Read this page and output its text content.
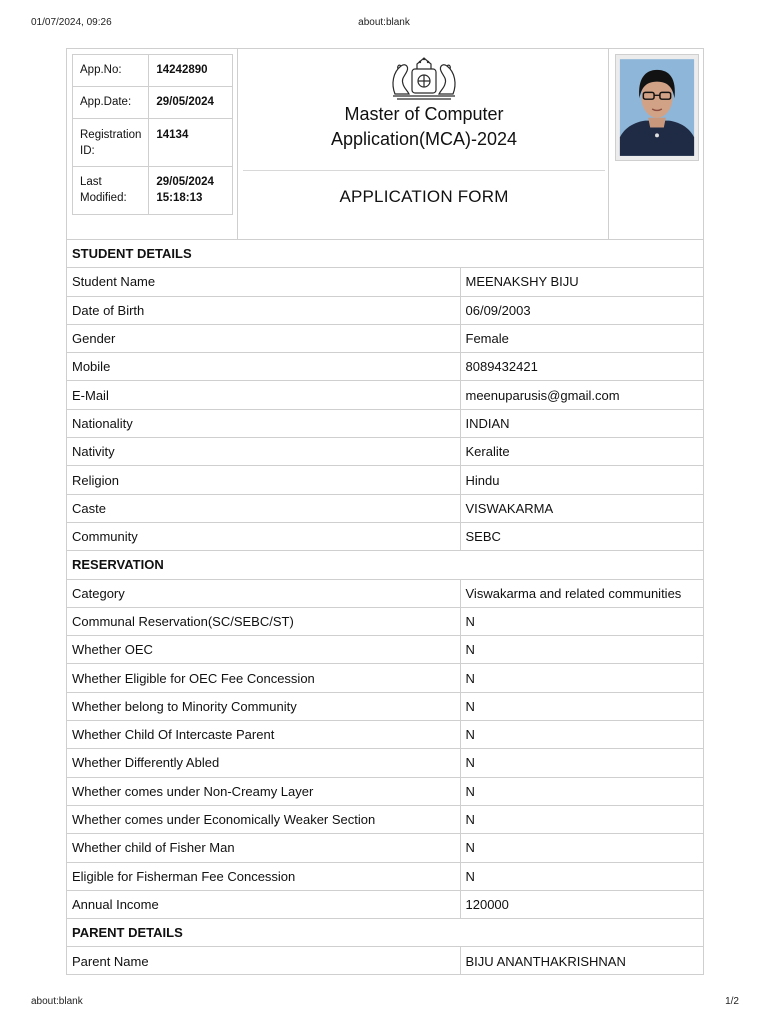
01/07/2024, 09:26	about:blank
App.No:	14242890
App.Date:	29/05/2024
Registration ID:	14134
Last Modified:	29/05/2024 15:18:13
Master of Computer
Application(MCA)-2024
APPLICATION FORM
STUDENT DETAILS	
Student Name	MEENAKSHY BIJU
Date of Birth	06/09/2003
Gender	Female
Mobile	8089432421
E-Mail	meenuparusis@gmail.com
Nationality	INDIAN
Nativity	Keralite
Religion	Hindu
Caste	VISWAKARMA
Community	SEBC
RESERVATION	
Category	Viswakarma and related communities
Communal Reservation(SC/SEBC/ST)	N
Whether OEC	N
Whether Eligible for OEC Fee Concession	N
Whether belong to Minority Community	N
Whether Child Of Intercaste Parent	N
Whether Differently Abled	N
Whether comes under Non-Creamy Layer	N
Whether comes under Economically Weaker Section	N
Whether child of Fisher Man	N
Eligible for Fisherman Fee Concession	N
Annual Income	120000
PARENT DETAILS	
Parent Name	BIJU ANANTHAKRISHNAN
about:blank	1/2
